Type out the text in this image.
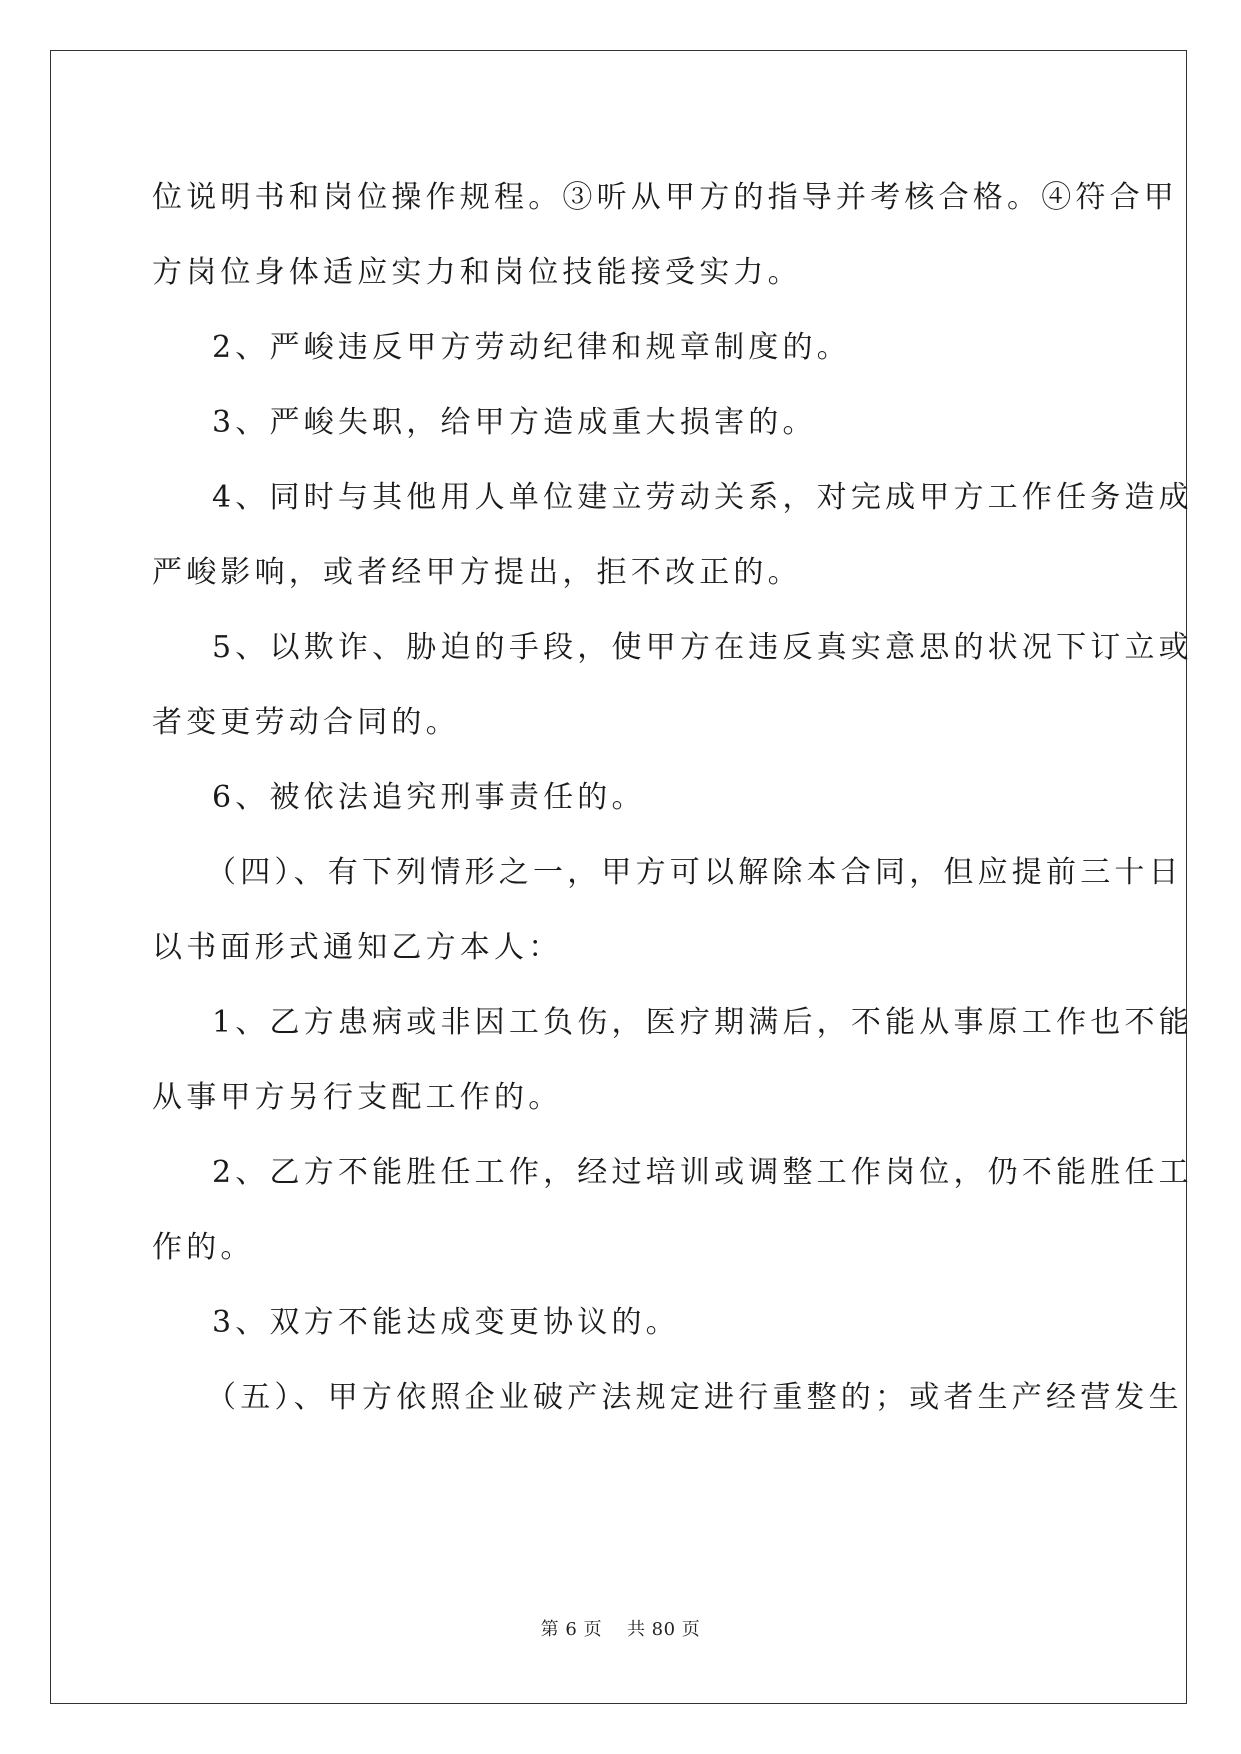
位说明书和岗位操作规程。③听从甲方的指导并考核合格。④符合甲
方岗位身体适应实力和岗位技能接受实力。
2、严峻违反甲方劳动纪律和规章制度的。
3、严峻失职，给甲方造成重大损害的。
4、同时与其他用人单位建立劳动关系，对完成甲方工作任务造成
严峻影响，或者经甲方提出，拒不改正的。
5、以欺诈、胁迫的手段，使甲方在违反真实意思的状况下订立或
者变更劳动合同的。
6、被依法追究刑事责任的。
（四）、有下列情形之一，甲方可以解除本合同，但应提前三十日
以书面形式通知乙方本人：
1、乙方患病或非因工负伤，医疗期满后，不能从事原工作也不能
从事甲方另行支配工作的。
2、乙方不能胜任工作，经过培训或调整工作岗位，仍不能胜任工
作的。
3、双方不能达成变更协议的。
（五）、甲方依照企业破产法规定进行重整的；或者生产经营发生
第 6 页    共 80 页
